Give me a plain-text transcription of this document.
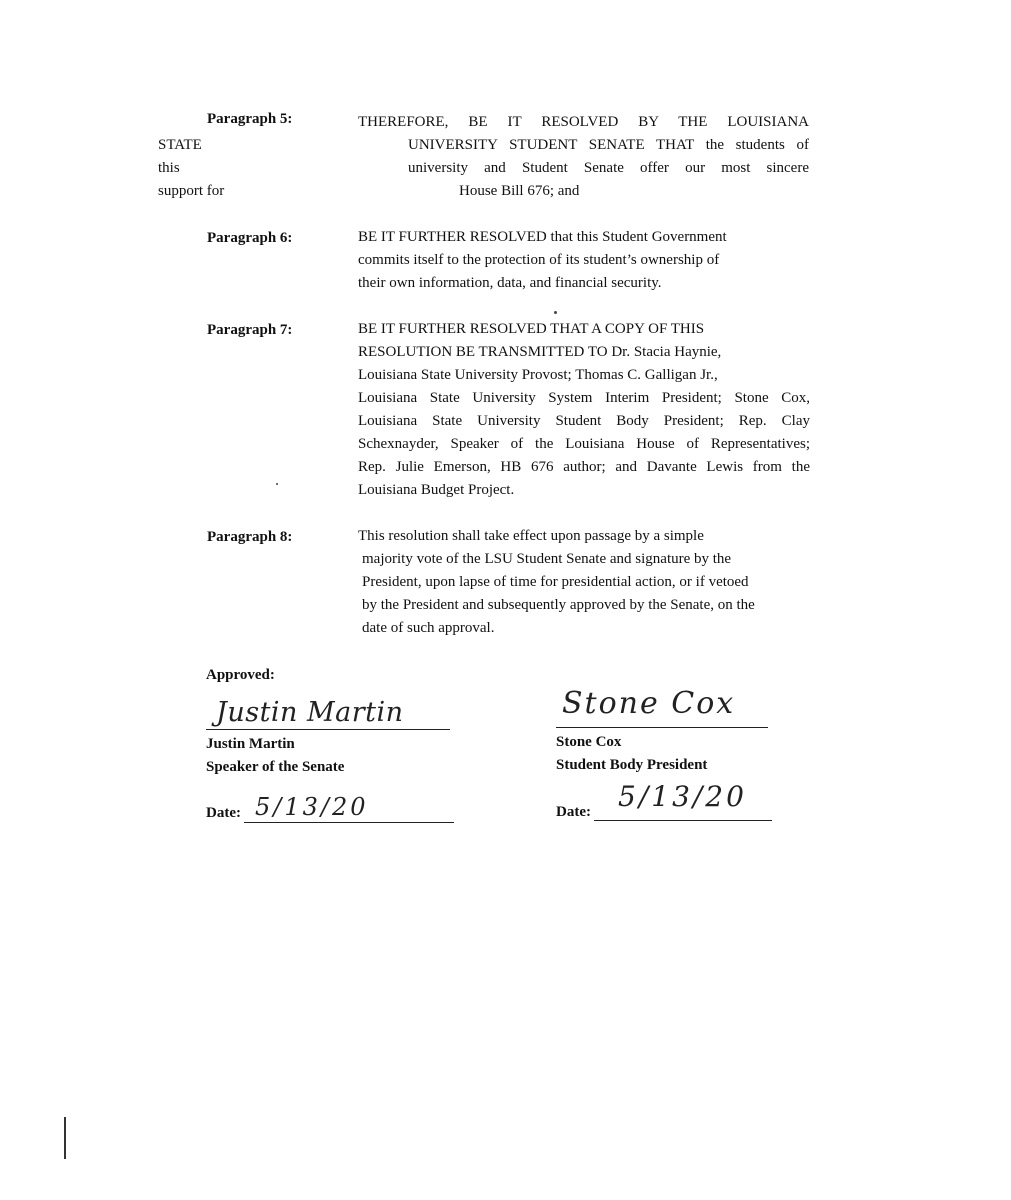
Paragraph 5:
STATE
this
support for
THEREFORE, BE IT RESOLVED BY THE LOUISIANA
UNIVERSITY STUDENT SENATE THAT the students of
university and Student Senate offer our most sincere
House Bill 676; and
Paragraph 6:	BE IT FURTHER RESOLVED that this Student Government
commits itself to the protection of its student’s ownership of
their own information, data, and financial security.
Paragraph 7:	BE IT FURTHER RESOLVED THAT A COPY OF THIS
RESOLUTION BE TRANSMITTED TO Dr. Stacia Haynie,
Louisiana State University Provost; Thomas C. Galligan Jr.,
Louisiana State University System Interim President; Stone Cox,
Louisiana State University Student Body President; Rep. Clay
Schexnayder, Speaker of the Louisiana House of Representatives;
Rep. Julie Emerson, HB 676 author; and Davante Lewis from the
Louisiana Budget Project.
Paragraph 8:	This resolution shall take effect upon passage by a simple
majority vote of the LSU Student Senate and signature by the
President, upon lapse of time for presidential action, or if vetoed
by the President and subsequently approved by the Senate, on the
date of such approval.
Approved:
Justin Martin
Justin Martin
Speaker of the Senate
Date: 5/13/20
Stone Cox
Stone Cox
Student Body President
Date: 5/13/20
